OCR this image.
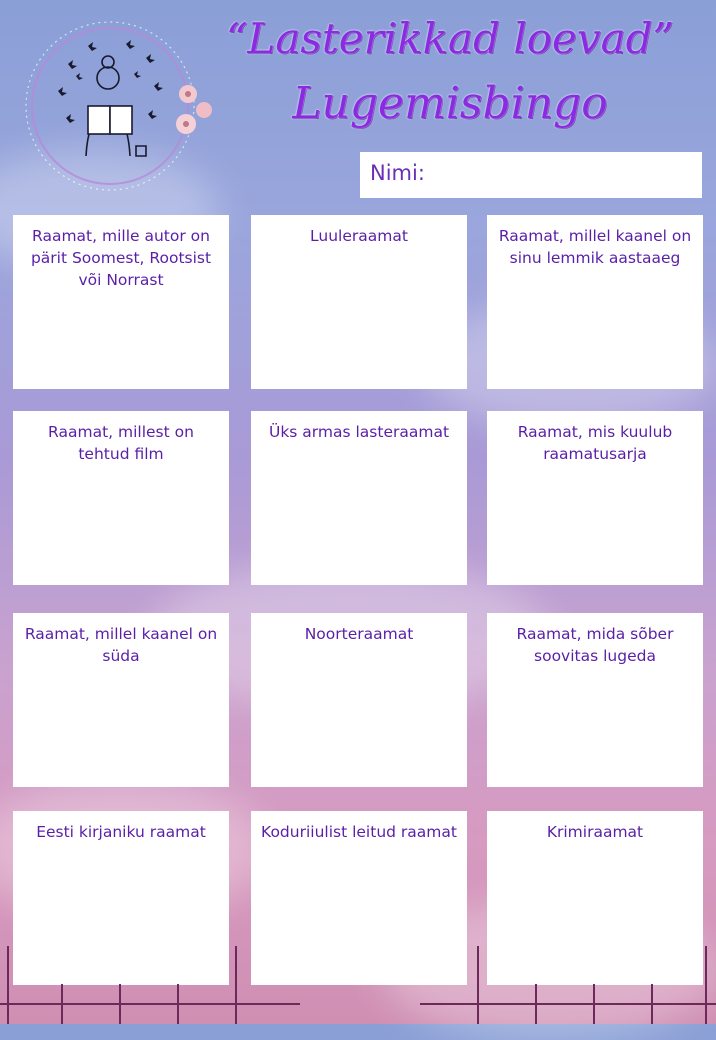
“Lasterikkad loevad”
Lugemisbingo
Nimi:
Raamat, mille autor on pärit Soomest, Rootsist või Norrast
Luuleraamat	Raamat, millel kaanel on sinu lemmik aastaaeg
Raamat, millest on tehtud film
Üks armas lasteraamat	Raamat, mis kuulub raamatusarja
Raamat, millel kaanel on süda
Noorteraamat	Raamat, mida sõber soovitas lugeda
Eesti kirjaniku raamat	Koduriiulist leitud raamat	Krimiraamat
